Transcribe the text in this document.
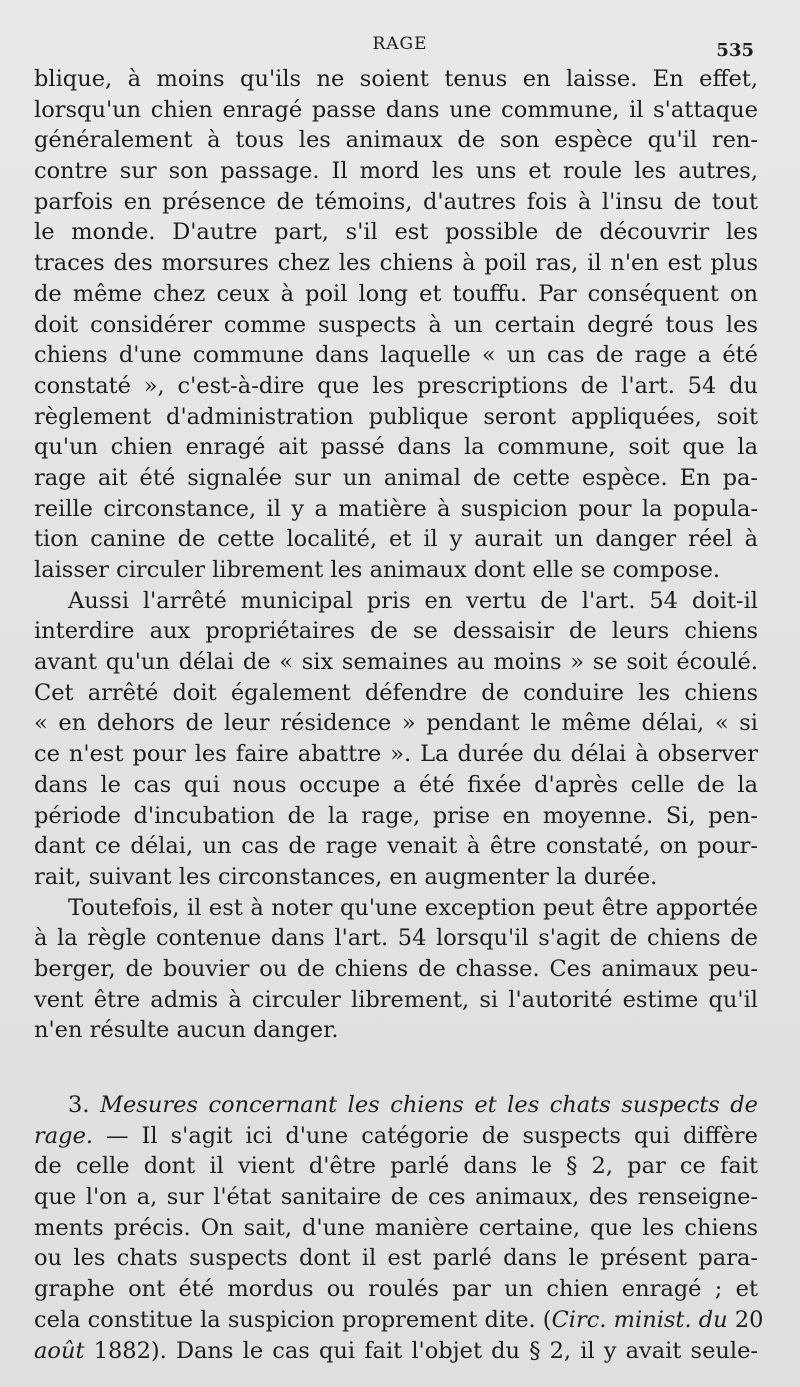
RAGE	535
blique, à moins qu'ils ne soient tenus en laisse. En effet,
lorsqu'un chien enragé passe dans une commune, il s'attaque
généralement à tous les animaux de son espèce qu'il ren-
contre sur son passage. Il mord les uns et roule les autres,
parfois en présence de témoins, d'autres fois à l'insu de tout
le monde. D'autre part, s'il est possible de découvrir les
traces des morsures chez les chiens à poil ras, il n'en est plus
de même chez ceux à poil long et touffu. Par conséquent on
doit considérer comme suspects à un certain degré tous les
chiens d'une commune dans laquelle « un cas de rage a été
constaté », c'est-à-dire que les prescriptions de l'art. 54 du
règlement d'administration publique seront appliquées, soit
qu'un chien enragé ait passé dans la commune, soit que la
rage ait été signalée sur un animal de cette espèce. En pa-
reille circonstance, il y a matière à suspicion pour la popula-
tion canine de cette localité, et il y aurait un danger réel à
laisser circuler librement les animaux dont elle se compose.
Aussi l'arrêté municipal pris en vertu de l'art. 54 doit-il
interdire aux propriétaires de se dessaisir de leurs chiens
avant qu'un délai de « six semaines au moins » se soit écoulé.
Cet arrêté doit également défendre de conduire les chiens
« en dehors de leur résidence » pendant le même délai, « si
ce n'est pour les faire abattre ». La durée du délai à observer
dans le cas qui nous occupe a été fixée d'après celle de la
période d'incubation de la rage, prise en moyenne. Si, pen-
dant ce délai, un cas de rage venait à être constaté, on pour-
rait, suivant les circonstances, en augmenter la durée.
Toutefois, il est à noter qu'une exception peut être apportée
à la règle contenue dans l'art. 54 lorsqu'il s'agit de chiens de
berger, de bouvier ou de chiens de chasse. Ces animaux peu-
vent être admis à circuler librement, si l'autorité estime qu'il
n'en résulte aucun danger.
3. Mesures concernant les chiens et les chats suspects de
rage. — Il s'agit ici d'une catégorie de suspects qui diffère
de celle dont il vient d'être parlé dans le § 2, par ce fait
que l'on a, sur l'état sanitaire de ces animaux, des renseigne-
ments précis. On sait, d'une manière certaine, que les chiens
ou les chats suspects dont il est parlé dans le présent para-
graphe ont été mordus ou roulés par un chien enragé ; et
cela constitue la suspicion proprement dite. (Circ. minist. du 20
août 1882). Dans le cas qui fait l'objet du § 2, il y avait seule-
